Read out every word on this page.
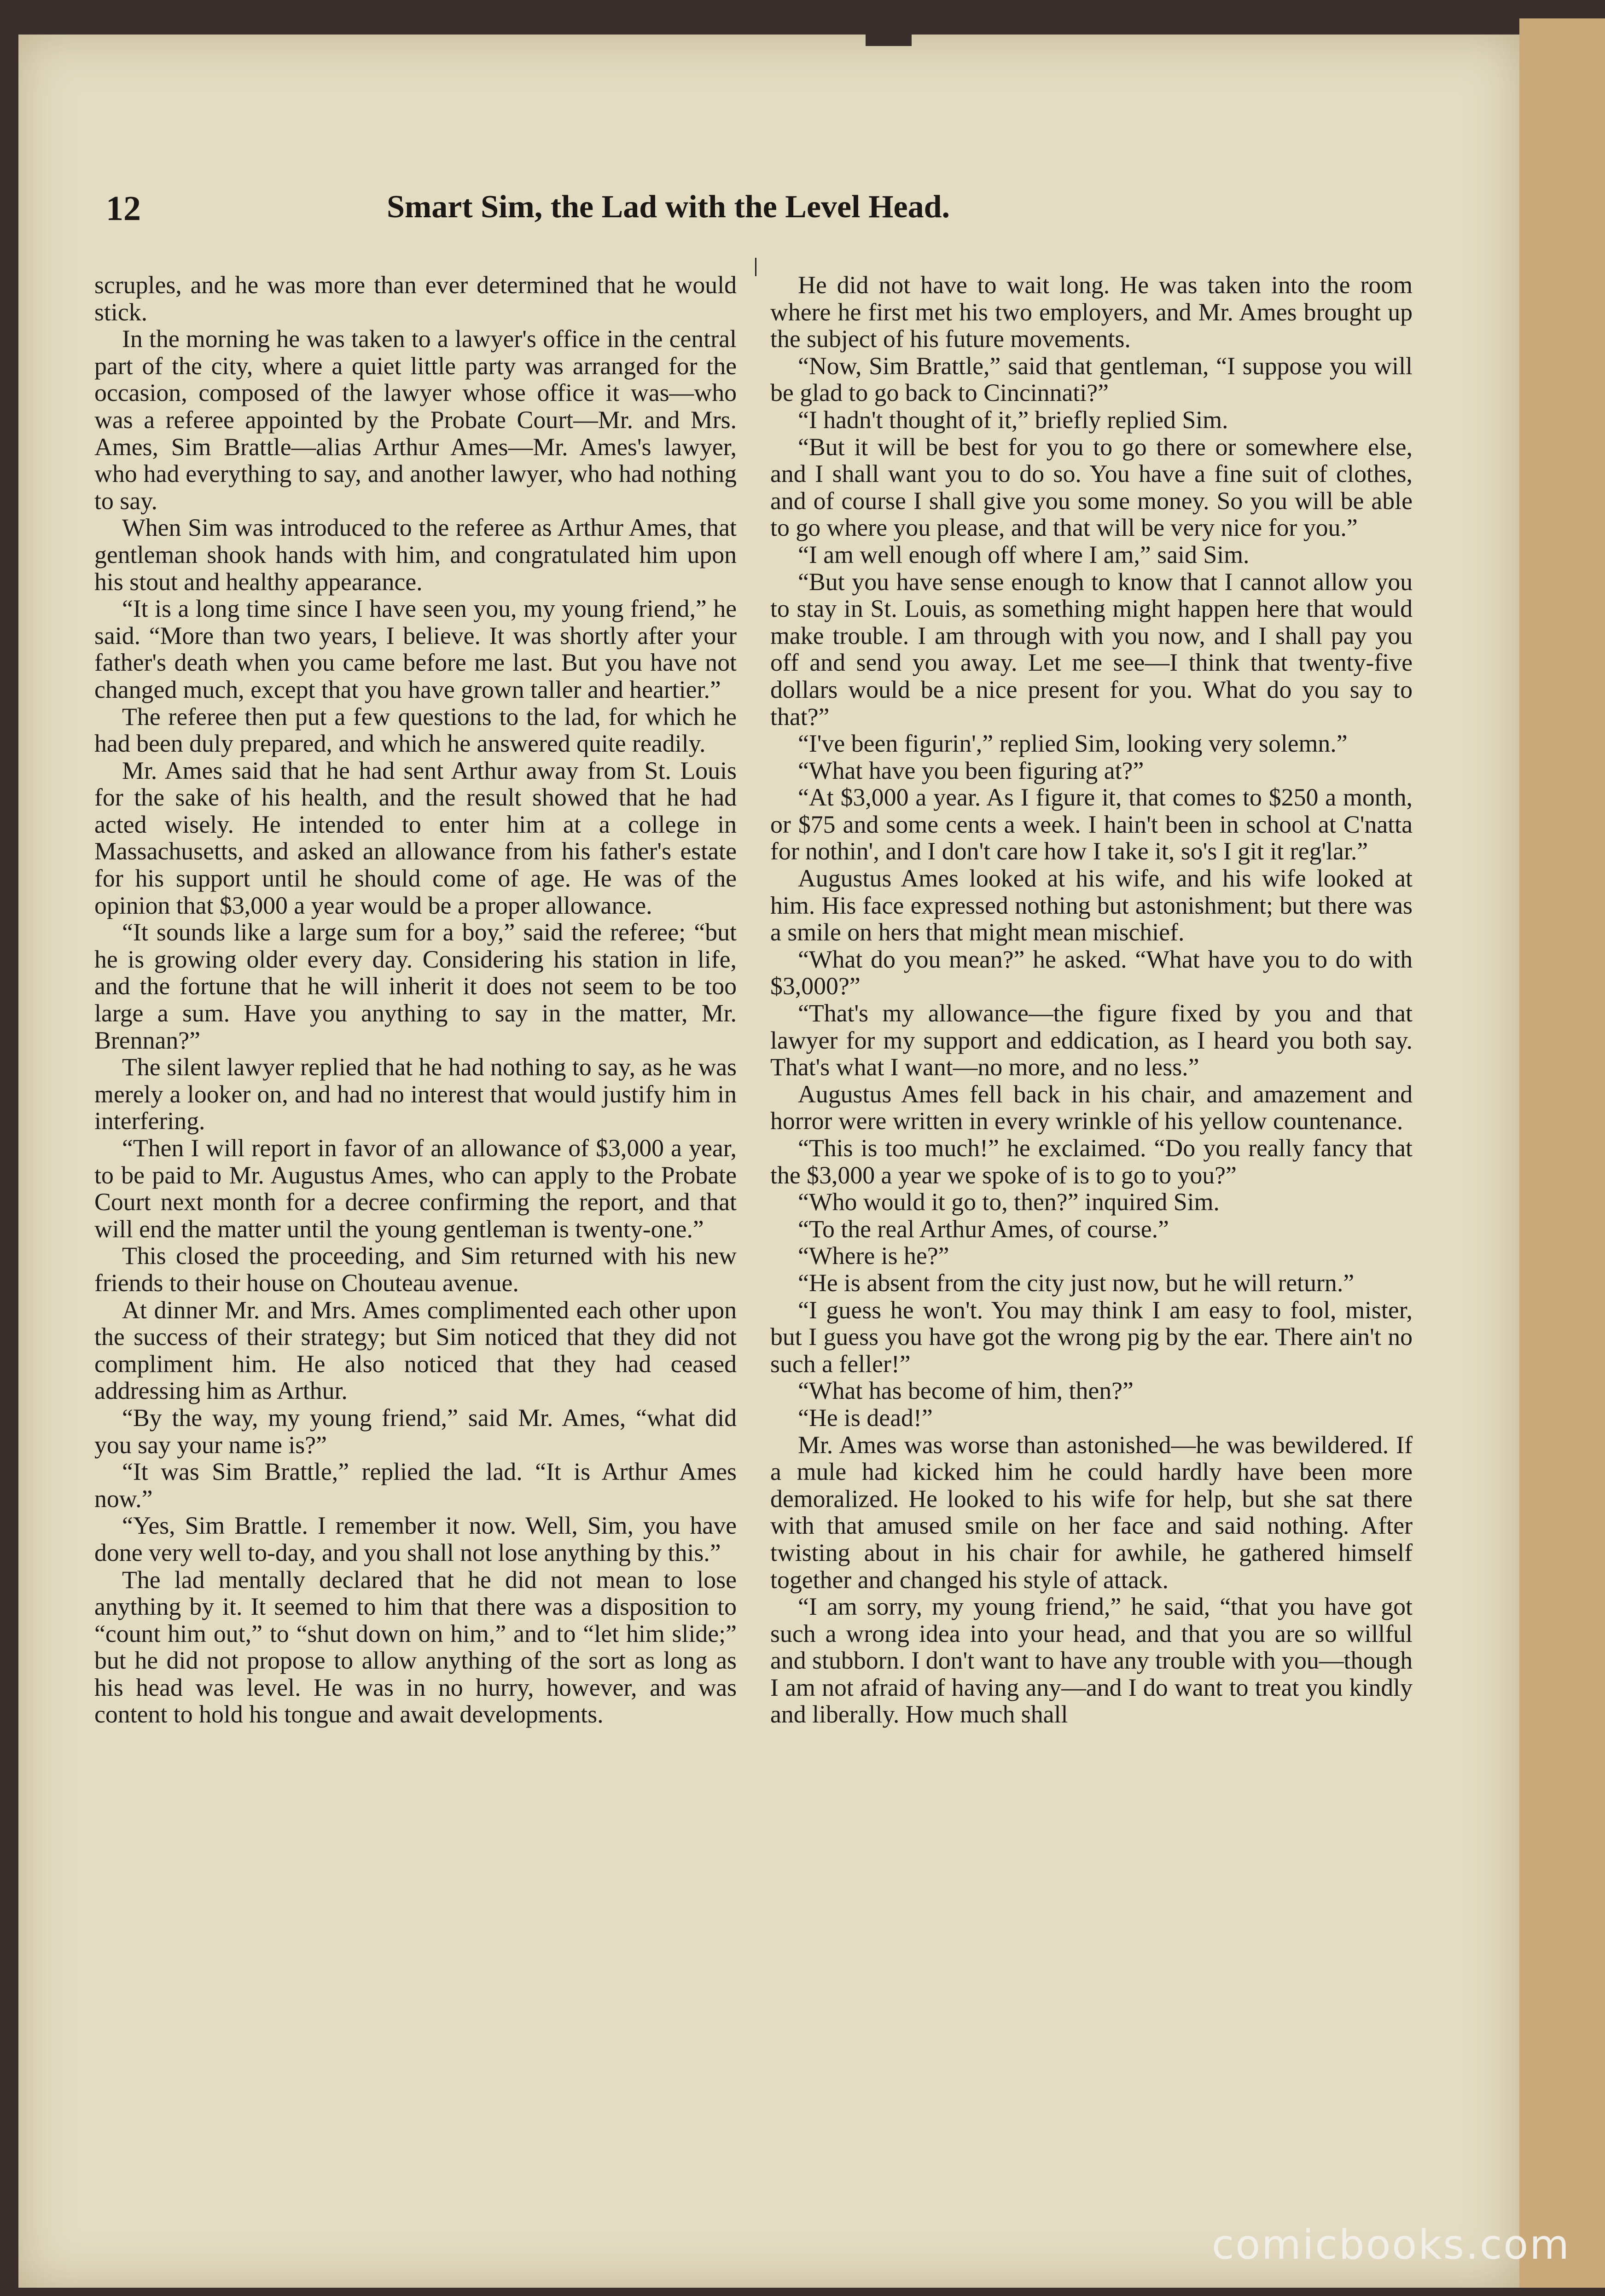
12	Smart Sim, the Lad with the Level Head.

scruples, and he was more than ever determined that he would stick.

In the morning he was taken to a lawyer's office in the central part of the city, where a quiet little party was arranged for the occasion, composed of the lawyer whose office it was—who was a referee appointed by the Probate Court—Mr. and Mrs. Ames, Sim Brattle—alias Arthur Ames—Mr. Ames's lawyer, who had everything to say, and another lawyer, who had nothing to say.

When Sim was introduced to the referee as Arthur Ames, that gentleman shook hands with him, and congratulated him upon his stout and healthy appearance.

“It is a long time since I have seen you, my young friend,” he said. “More than two years, I believe. It was shortly after your father's death when you came before me last. But you have not changed much, except that you have grown taller and heartier.”

The referee then put a few questions to the lad, for which he had been duly prepared, and which he answered quite readily.

Mr. Ames said that he had sent Arthur away from St. Louis for the sake of his health, and the result showed that he had acted wisely. He intended to enter him at a college in Massachusetts, and asked an allowance from his father's estate for his support until he should come of age. He was of the opinion that $3,000 a year would be a proper allowance.

“It sounds like a large sum for a boy,” said the referee; “but he is growing older every day. Considering his station in life, and the fortune that he will inherit it does not seem to be too large a sum. Have you anything to say in the matter, Mr. Brennan?”

The silent lawyer replied that he had nothing to say, as he was merely a looker on, and had no interest that would justify him in interfering.

“Then I will report in favor of an allowance of $3,000 a year, to be paid to Mr. Augustus Ames, who can apply to the Probate Court next month for a decree confirming the report, and that will end the matter until the young gentleman is twenty-one.”

This closed the proceeding, and Sim returned with his new friends to their house on Chouteau avenue.

At dinner Mr. and Mrs. Ames complimented each other upon the success of their strategy; but Sim noticed that they did not compliment him. He also noticed that they had ceased addressing him as Arthur.

“By the way, my young friend,” said Mr. Ames, “what did you say your name is?”

“It was Sim Brattle,” replied the lad. “It is Arthur Ames now.”

“Yes, Sim Brattle. I remember it now. Well, Sim, you have done very well to-day, and you shall not lose anything by this.”

The lad mentally declared that he did not mean to lose anything by it. It seemed to him that there was a disposition to “count him out,” to “shut down on him,” and to “let him slide;” but he did not propose to allow anything of the sort as long as his head was level. He was in no hurry, however, and was content to hold his tongue and await developments.

He did not have to wait long. He was taken into the room where he first met his two employers, and Mr. Ames brought up the subject of his future movements.

“Now, Sim Brattle,” said that gentleman, “I suppose you will be glad to go back to Cincinnati?”

“I hadn't thought of it,” briefly replied Sim.

“But it will be best for you to go there or somewhere else, and I shall want you to do so. You have a fine suit of clothes, and of course I shall give you some money. So you will be able to go where you please, and that will be very nice for you.”

“I am well enough off where I am,” said Sim.

“But you have sense enough to know that I cannot allow you to stay in St. Louis, as something might happen here that would make trouble. I am through with you now, and I shall pay you off and send you away. Let me see—I think that twenty-five dollars would be a nice present for you. What do you say to that?”

“I've been figurin',” replied Sim, looking very solemn.”

“What have you been figuring at?”

“At $3,000 a year. As I figure it, that comes to $250 a month, or $75 and some cents a week. I hain't been in school at C'natta for nothin', and I don't care how I take it, so's I git it reg'lar.”

Augustus Ames looked at his wife, and his wife looked at him. His face expressed nothing but astonishment; but there was a smile on hers that might mean mischief.

“What do you mean?” he asked. “What have you to do with $3,000?”

“That's my allowance—the figure fixed by you and that lawyer for my support and eddication, as I heard you both say. That's what I want—no more, and no less.”

Augustus Ames fell back in his chair, and amazement and horror were written in every wrinkle of his yellow countenance.

“This is too much!” he exclaimed. “Do you really fancy that the $3,000 a year we spoke of is to go to you?”

“Who would it go to, then?” inquired Sim.

“To the real Arthur Ames, of course.”

“Where is he?”

“He is absent from the city just now, but he will return.”

“I guess he won't. You may think I am easy to fool, mister, but I guess you have got the wrong pig by the ear. There ain't no such a feller!”

“What has become of him, then?”

“He is dead!”

Mr. Ames was worse than astonished—he was bewildered. If a mule had kicked him he could hardly have been more demoralized. He looked to his wife for help, but she sat there with that amused smile on her face and said nothing. After twisting about in his chair for awhile, he gathered himself together and changed his style of attack.

“I am sorry, my young friend,” he said, “that you have got such a wrong idea into your head, and that you are so willful and stubborn. I don't want to have any trouble with you—though I am not afraid of having any—and I do want to treat you kindly and liberally. How much shall

comicbooks.com
